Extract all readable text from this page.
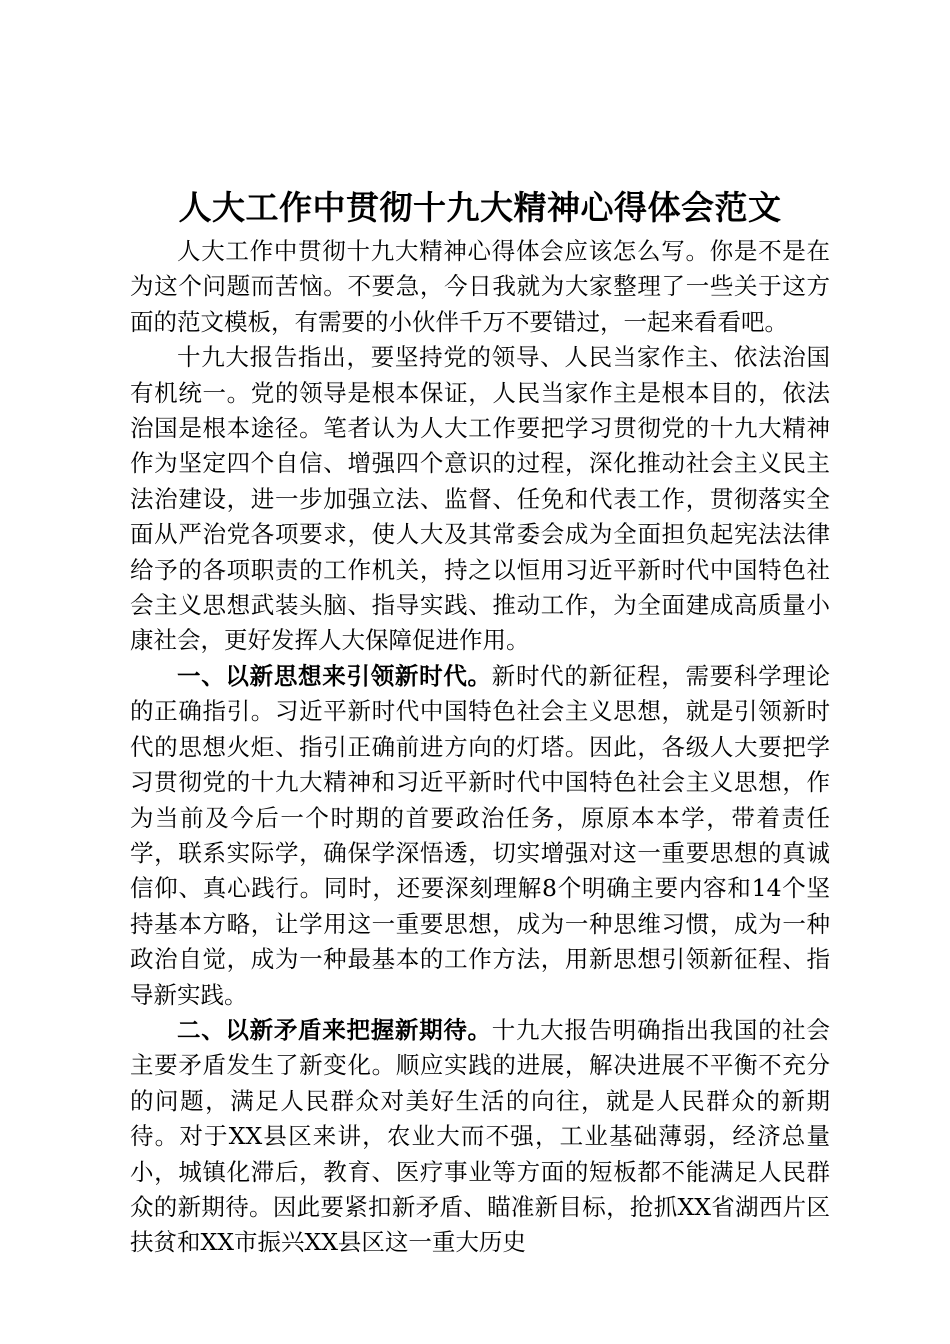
人大工作中贯彻十九大精神心得体会范文

人大工作中贯彻十九大精神心得体会应该怎么写。你是不是在为这个问题而苦恼。不要急，今日我就为大家整理了一些关于这方面的范文模板，有需要的小伙伴千万不要错过，一起来看看吧。

十九大报告指出，要坚持党的领导、人民当家作主、依法治国有机统一。党的领导是根本保证，人民当家作主是根本目的，依法治国是根本途径。笔者认为人大工作要把学习贯彻党的十九大精神作为坚定四个自信、增强四个意识的过程，深化推动社会主义民主法治建设，进一步加强立法、监督、任免和代表工作，贯彻落实全面从严治党各项要求，使人大及其常委会成为全面担负起宪法法律给予的各项职责的工作机关，持之以恒用习近平新时代中国特色社会主义思想武装头脑、指导实践、推动工作，为全面建成高质量小康社会，更好发挥人大保障促进作用。

一、以新思想来引领新时代。新时代的新征程，需要科学理论的正确指引。习近平新时代中国特色社会主义思想，就是引领新时代的思想火炬、指引正确前进方向的灯塔。因此，各级人大要把学习贯彻党的十九大精神和习近平新时代中国特色社会主义思想，作为当前及今后一个时期的首要政治任务，原原本本学，带着责任学，联系实际学，确保学深悟透，切实增强对这一重要思想的真诚信仰、真心践行。同时，还要深刻理解8个明确主要内容和14个坚持基本方略，让学用这一重要思想，成为一种思维习惯，成为一种政治自觉，成为一种最基本的工作方法，用新思想引领新征程、指导新实践。

二、以新矛盾来把握新期待。十九大报告明确指出我国的社会主要矛盾发生了新变化。顺应实践的进展，解决进展不平衡不充分的问题，满足人民群众对美好生活的向往，就是人民群众的新期待。对于XX县区来讲，农业大而不强，工业基础薄弱，经济总量小，城镇化滞后，教育、医疗事业等方面的短板都不能满足人民群众的新期待。因此要紧扣新矛盾、瞄准新目标，抢抓XX省湖西片区扶贫和XX市振兴XX县区这一重大历史
